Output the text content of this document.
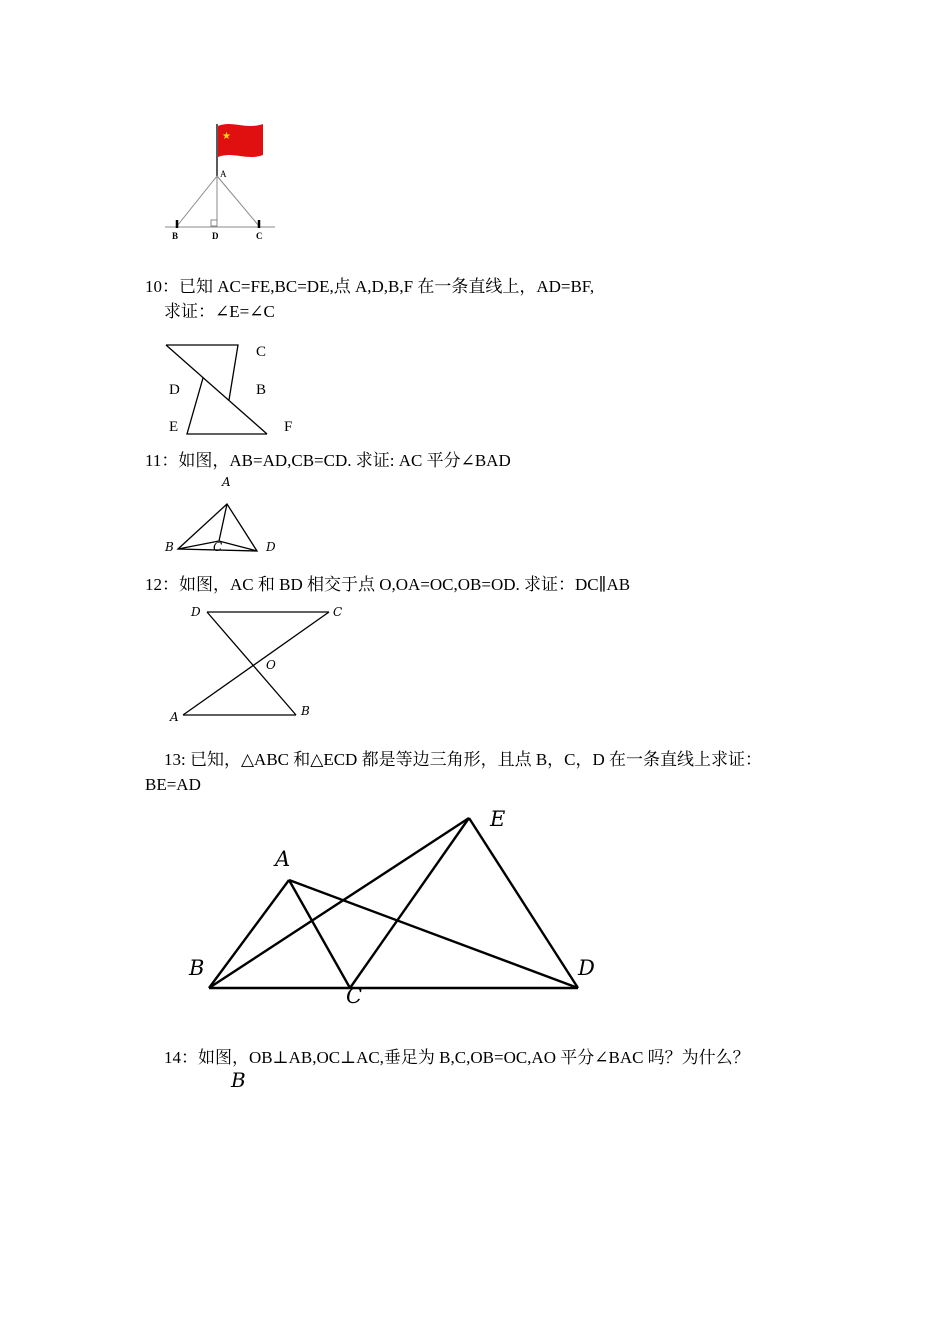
★
A
B	D	C
10：已知 AC=FE,BC=DE,点 A,D,B,F 在一条直线上，AD=BF,
求证：∠E=∠C
C
D	B
E	F
11：如图，AB=AD,CB=CD. 求证: AC 平分∠BAD
A
B	C	D
12：如图，AC 和 BD 相交于点 O,OA=OC,OB=OD. 求证：DC∥AB
D	C
O
A	B
13: 已知，△ABC 和△ECD 都是等边三角形，且点 B，C，D 在一条直线上求证：
BE=AD
A
E
B
C
D
14：如图，OB⊥AB,OC⊥AC,垂足为 B,C,OB=OC,AO 平分∠BAC 吗？为什么？
B
